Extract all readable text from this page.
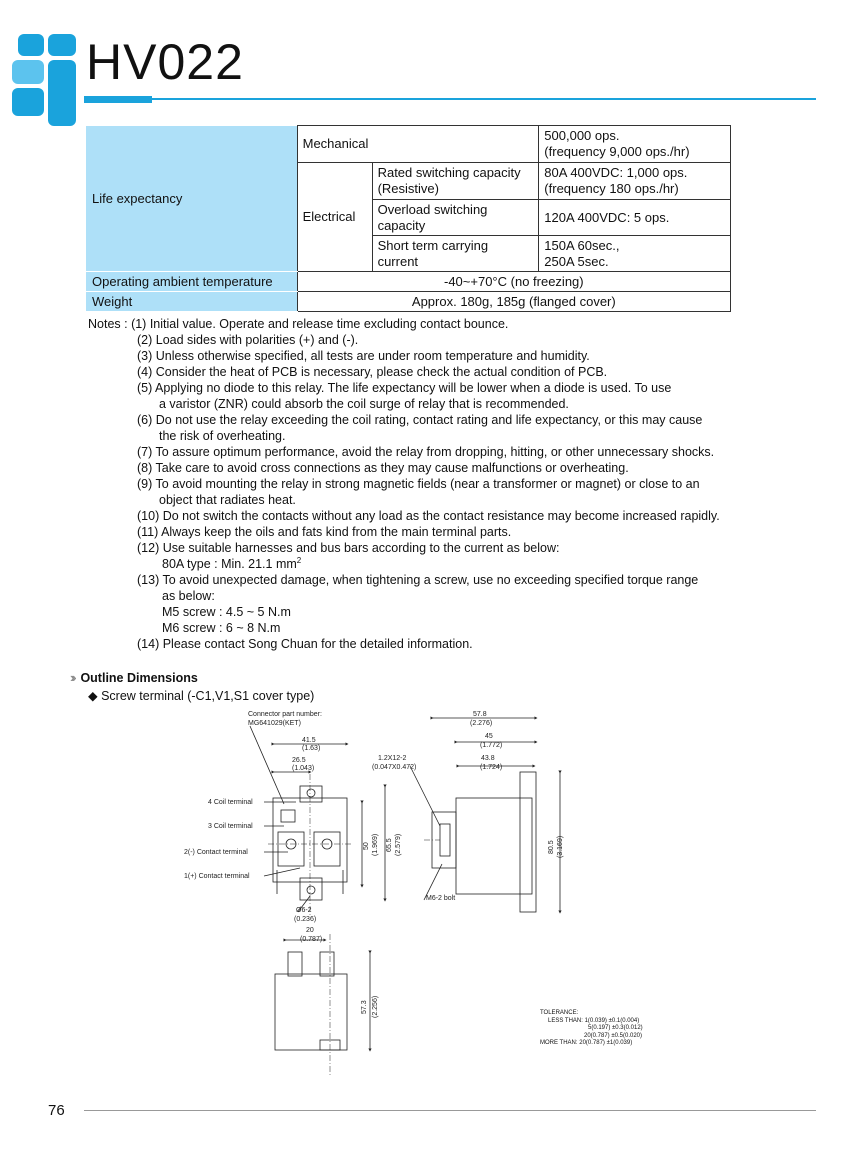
HV022
Life expectancy	Mechanical		500,000 ops.
(frequency 9,000 ops./hr)
	Electrical	Rated switching capacity
(Resistive)	80A 400VDC: 1,000 ops.
(frequency 180 ops./hr)
		Overload switching
capacity	120A 400VDC: 5 ops.
		Short term carrying
current	150A 60sec.,
250A 5sec.
Operating ambient temperature	-40~+70°C (no freezing)		
Weight	Approx. 180g, 185g (flanged cover)		
Notes : (1) Initial value. Operate and release time excluding contact bounce.
(2) Load sides with polarities (+) and (-).
(3) Unless otherwise specified, all tests are under room temperature and humidity.
(4) Consider the heat of PCB is necessary, please check the actual condition of PCB.
(5) Applying no diode to this relay. The life expectancy will be lower when a diode is used. To use
a varistor (ZNR) could absorb the coil surge of relay that is recommended.
(6) Do not use the relay exceeding the coil rating, contact rating and life expectancy, or this may cause
the risk of overheating.
(7) To assure optimum performance, avoid the relay from dropping, hitting, or other unnecessary shocks.
(8) Take care to avoid cross connections as they may cause malfunctions or overheating.
(9) To avoid mounting the relay in strong magnetic fields (near a transformer or magnet) or close to an
object that radiates heat.
(10) Do not switch the contacts without any load as the contact resistance may become increased rapidly.
(11) Always keep the oils and fats kind from the main terminal parts.
(12) Use suitable harnesses and bus bars according to the current as below:
80A type : Min. 21.1 $mm^2$
(13) To avoid unexpected damage, when tightening a screw, use no exceeding specified torque range
as below:
M5 screw : 4.5 ~ 5 N.m
M6 screw : 6 ~ 8 N.m
(14) Please contact Song Chuan for the detailed information.
››› Outline Dimensions
◆ Screw terminal (-C1,V1,S1 cover type)
Connector part number:
MG641029(KET)
41.5
(1.63)
26.5
(1.043)
1.2X12-2
(0.047X0.472)
57.8
(2.276)
45
(1.772)
43.8
(1.724)
50 (1.969) 65.5 (2.579)	80.5 (3.169)
4 Coil terminal
3 Coil terminal
2(-) Contact terminal
1(+) Contact terminal
M6-2 bolt
Ø6-2
(0.236)
20
(0.787)
57.3 (2.256)	TOLERANCE:
LESS THAN: 1(0.039) ±0.1(0.004)
5(0.197) ±0.3(0.012)
20(0.787) ±0.5(0.020)
MORE THAN: 20(0.787) ±1(0.039)
76
